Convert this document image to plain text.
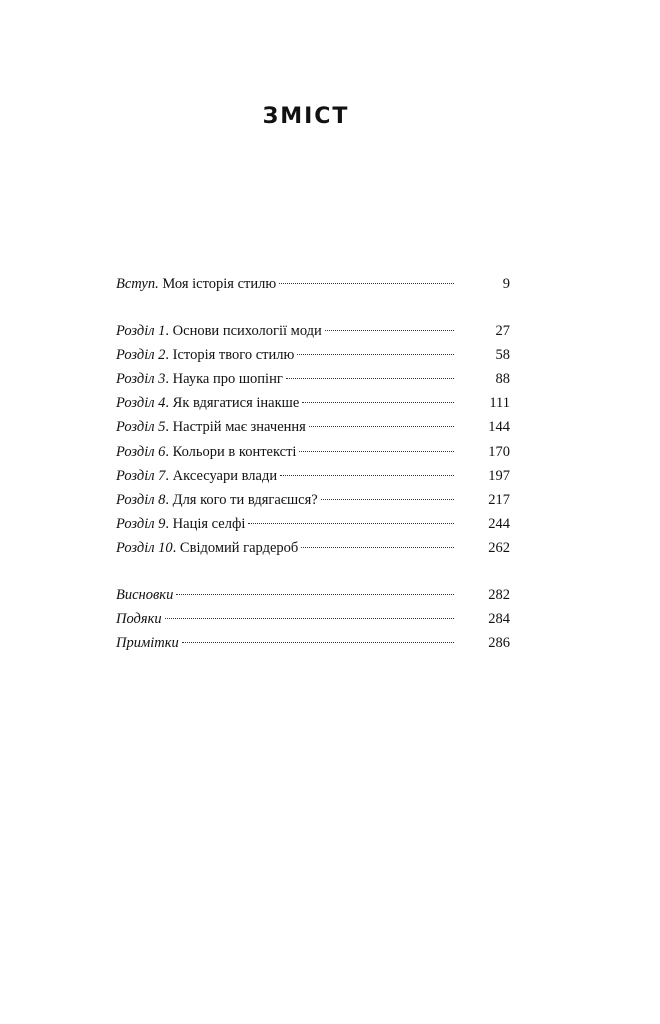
ЗМІСТ
Вступ. Моя історія стилю	9
Розділ 1. Основи психології моди	27
Розділ 2. Історія твого стилю	58
Розділ 3. Наука про шопінг	88
Розділ 4. Як вдягатися інакше	111
Розділ 5. Настрій має значення	144
Розділ 6. Кольори в контексті	170
Розділ 7. Аксесуари влади	197
Розділ 8. Для кого ти вдягаєшся?	217
Розділ 9. Нація селфі	244
Розділ 10. Свідомий гардероб	262
Висновки	282
Подяки	284
Примітки	286
